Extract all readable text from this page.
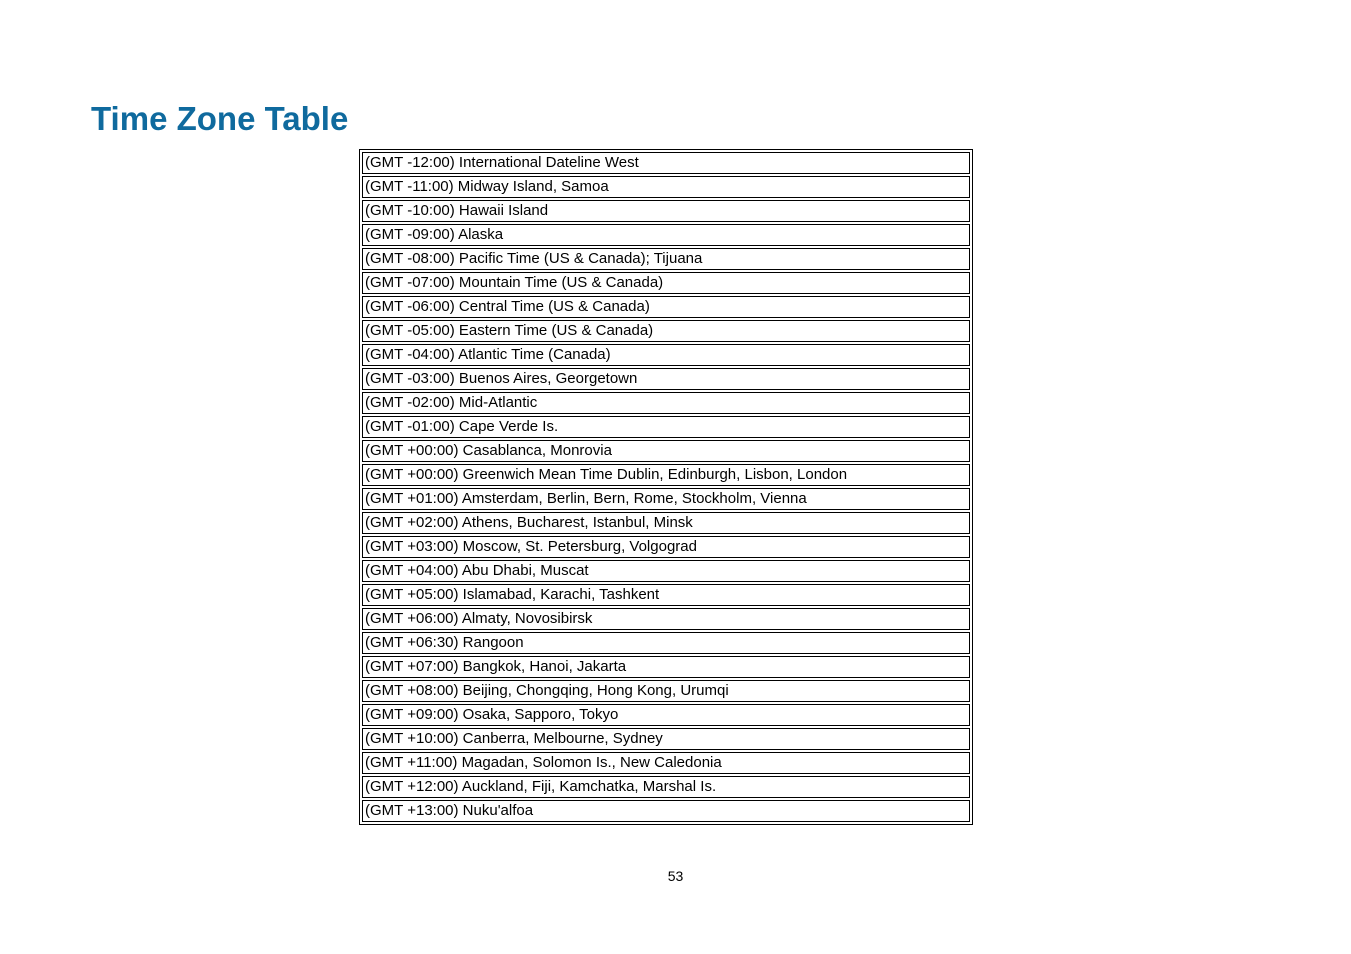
Time Zone Table
(GMT -12:00) International Dateline West
(GMT -11:00) Midway Island, Samoa
(GMT -10:00) Hawaii Island
(GMT -09:00) Alaska
(GMT -08:00) Pacific Time (US & Canada); Tijuana
(GMT -07:00) Mountain Time (US & Canada)
(GMT -06:00) Central Time (US & Canada)
(GMT -05:00) Eastern Time (US & Canada)
(GMT -04:00) Atlantic Time (Canada)
(GMT -03:00) Buenos Aires, Georgetown
(GMT -02:00) Mid-Atlantic
(GMT -01:00) Cape Verde Is.
(GMT +00:00) Casablanca, Monrovia
(GMT +00:00) Greenwich Mean Time Dublin, Edinburgh, Lisbon, London
(GMT +01:00) Amsterdam, Berlin, Bern, Rome, Stockholm, Vienna
(GMT +02:00) Athens, Bucharest, Istanbul, Minsk
(GMT +03:00) Moscow, St. Petersburg, Volgograd
(GMT +04:00) Abu Dhabi, Muscat
(GMT +05:00) Islamabad, Karachi, Tashkent
(GMT +06:00) Almaty, Novosibirsk
(GMT +06:30) Rangoon
(GMT +07:00) Bangkok, Hanoi, Jakarta
(GMT +08:00) Beijing, Chongqing, Hong Kong, Urumqi
(GMT +09:00) Osaka, Sapporo, Tokyo
(GMT +10:00) Canberra, Melbourne, Sydney
(GMT +11:00) Magadan, Solomon Is., New Caledonia
(GMT +12:00) Auckland, Fiji, Kamchatka, Marshal Is.
(GMT +13:00) Nuku'alfoa
53
